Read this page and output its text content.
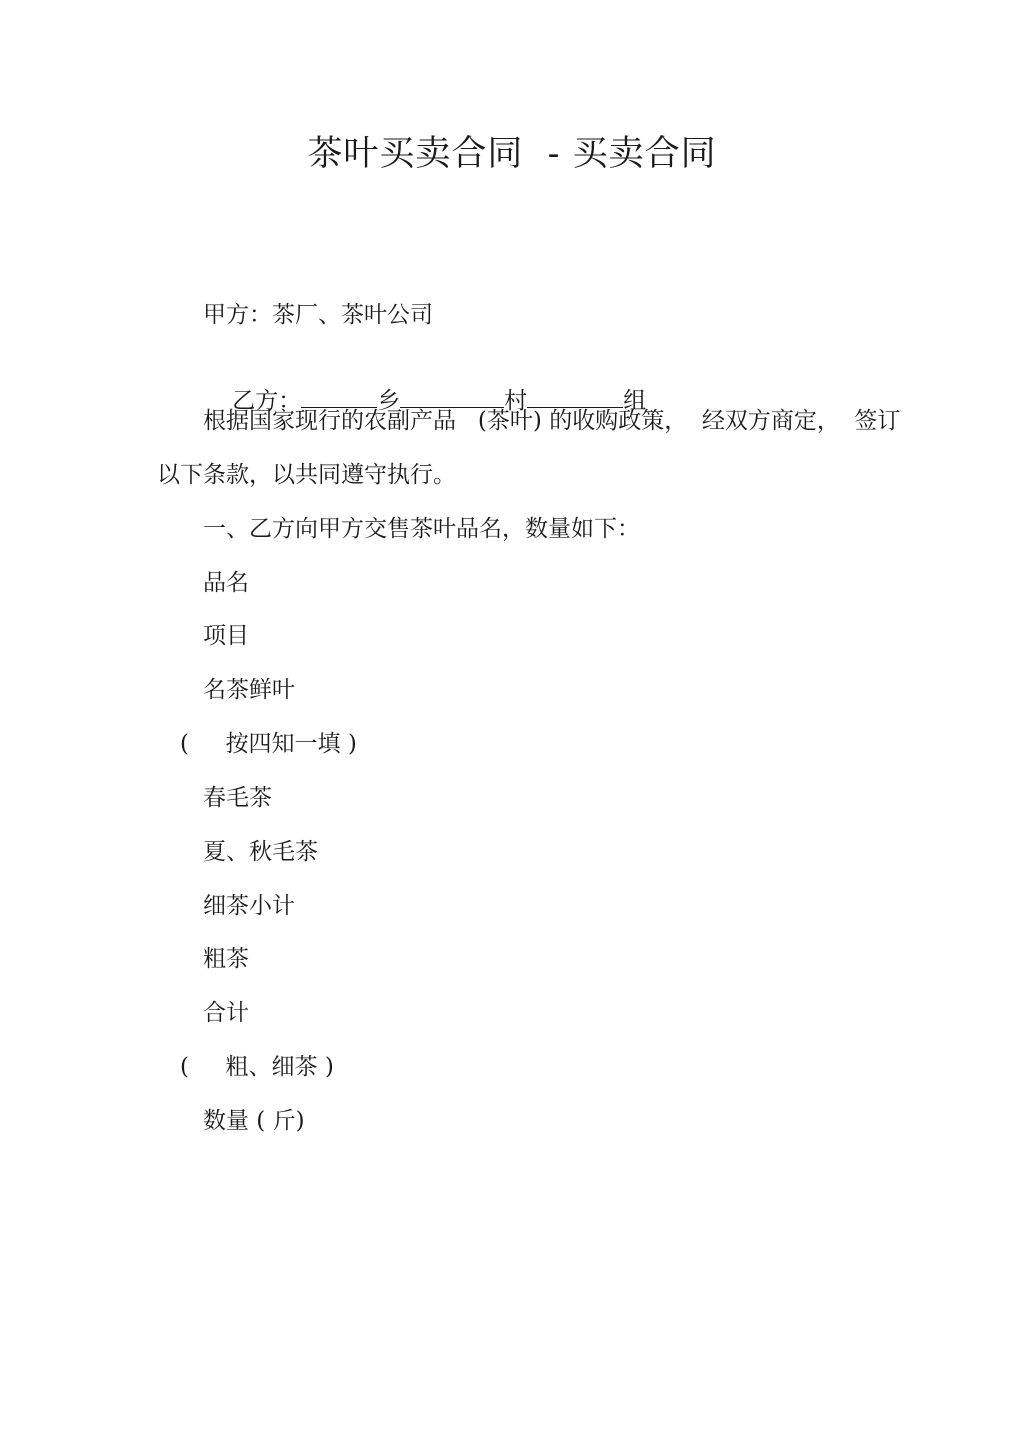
茶叶买卖合同  - 买卖合同
甲方：茶厂、茶叶公司

乙方：	乡	村	组

根据国家现行的农副产品   (茶叶) 的收购政策，  经双方商定，  签订
以下条款，以共同遵守执行。
一、乙方向甲方交售茶叶品名，数量如下：
品名
项目
名茶鲜叶
(     按四知一填 )
春毛茶
夏、秋毛茶
细茶小计
粗茶
合计
(     粗、细茶 )
数量 ( 斤)
